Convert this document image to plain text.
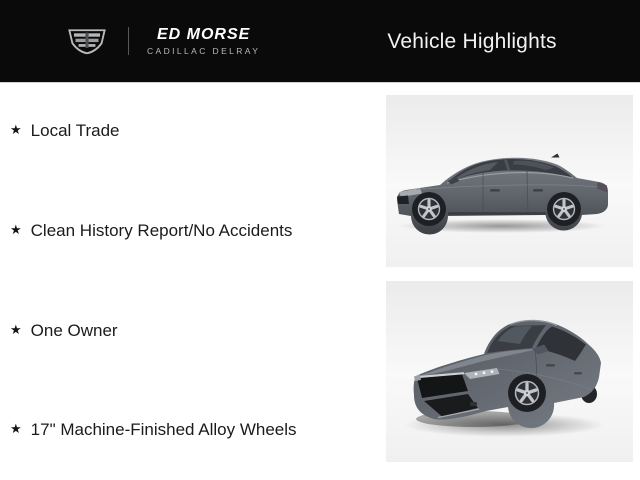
ED MORSE
CADILLAC DELRAY	Vehicle Highlights
★ Local Trade
★ Clean History Report/No Accidents
★ One Owner
★ 17" Machine-Finished Alloy Wheels
